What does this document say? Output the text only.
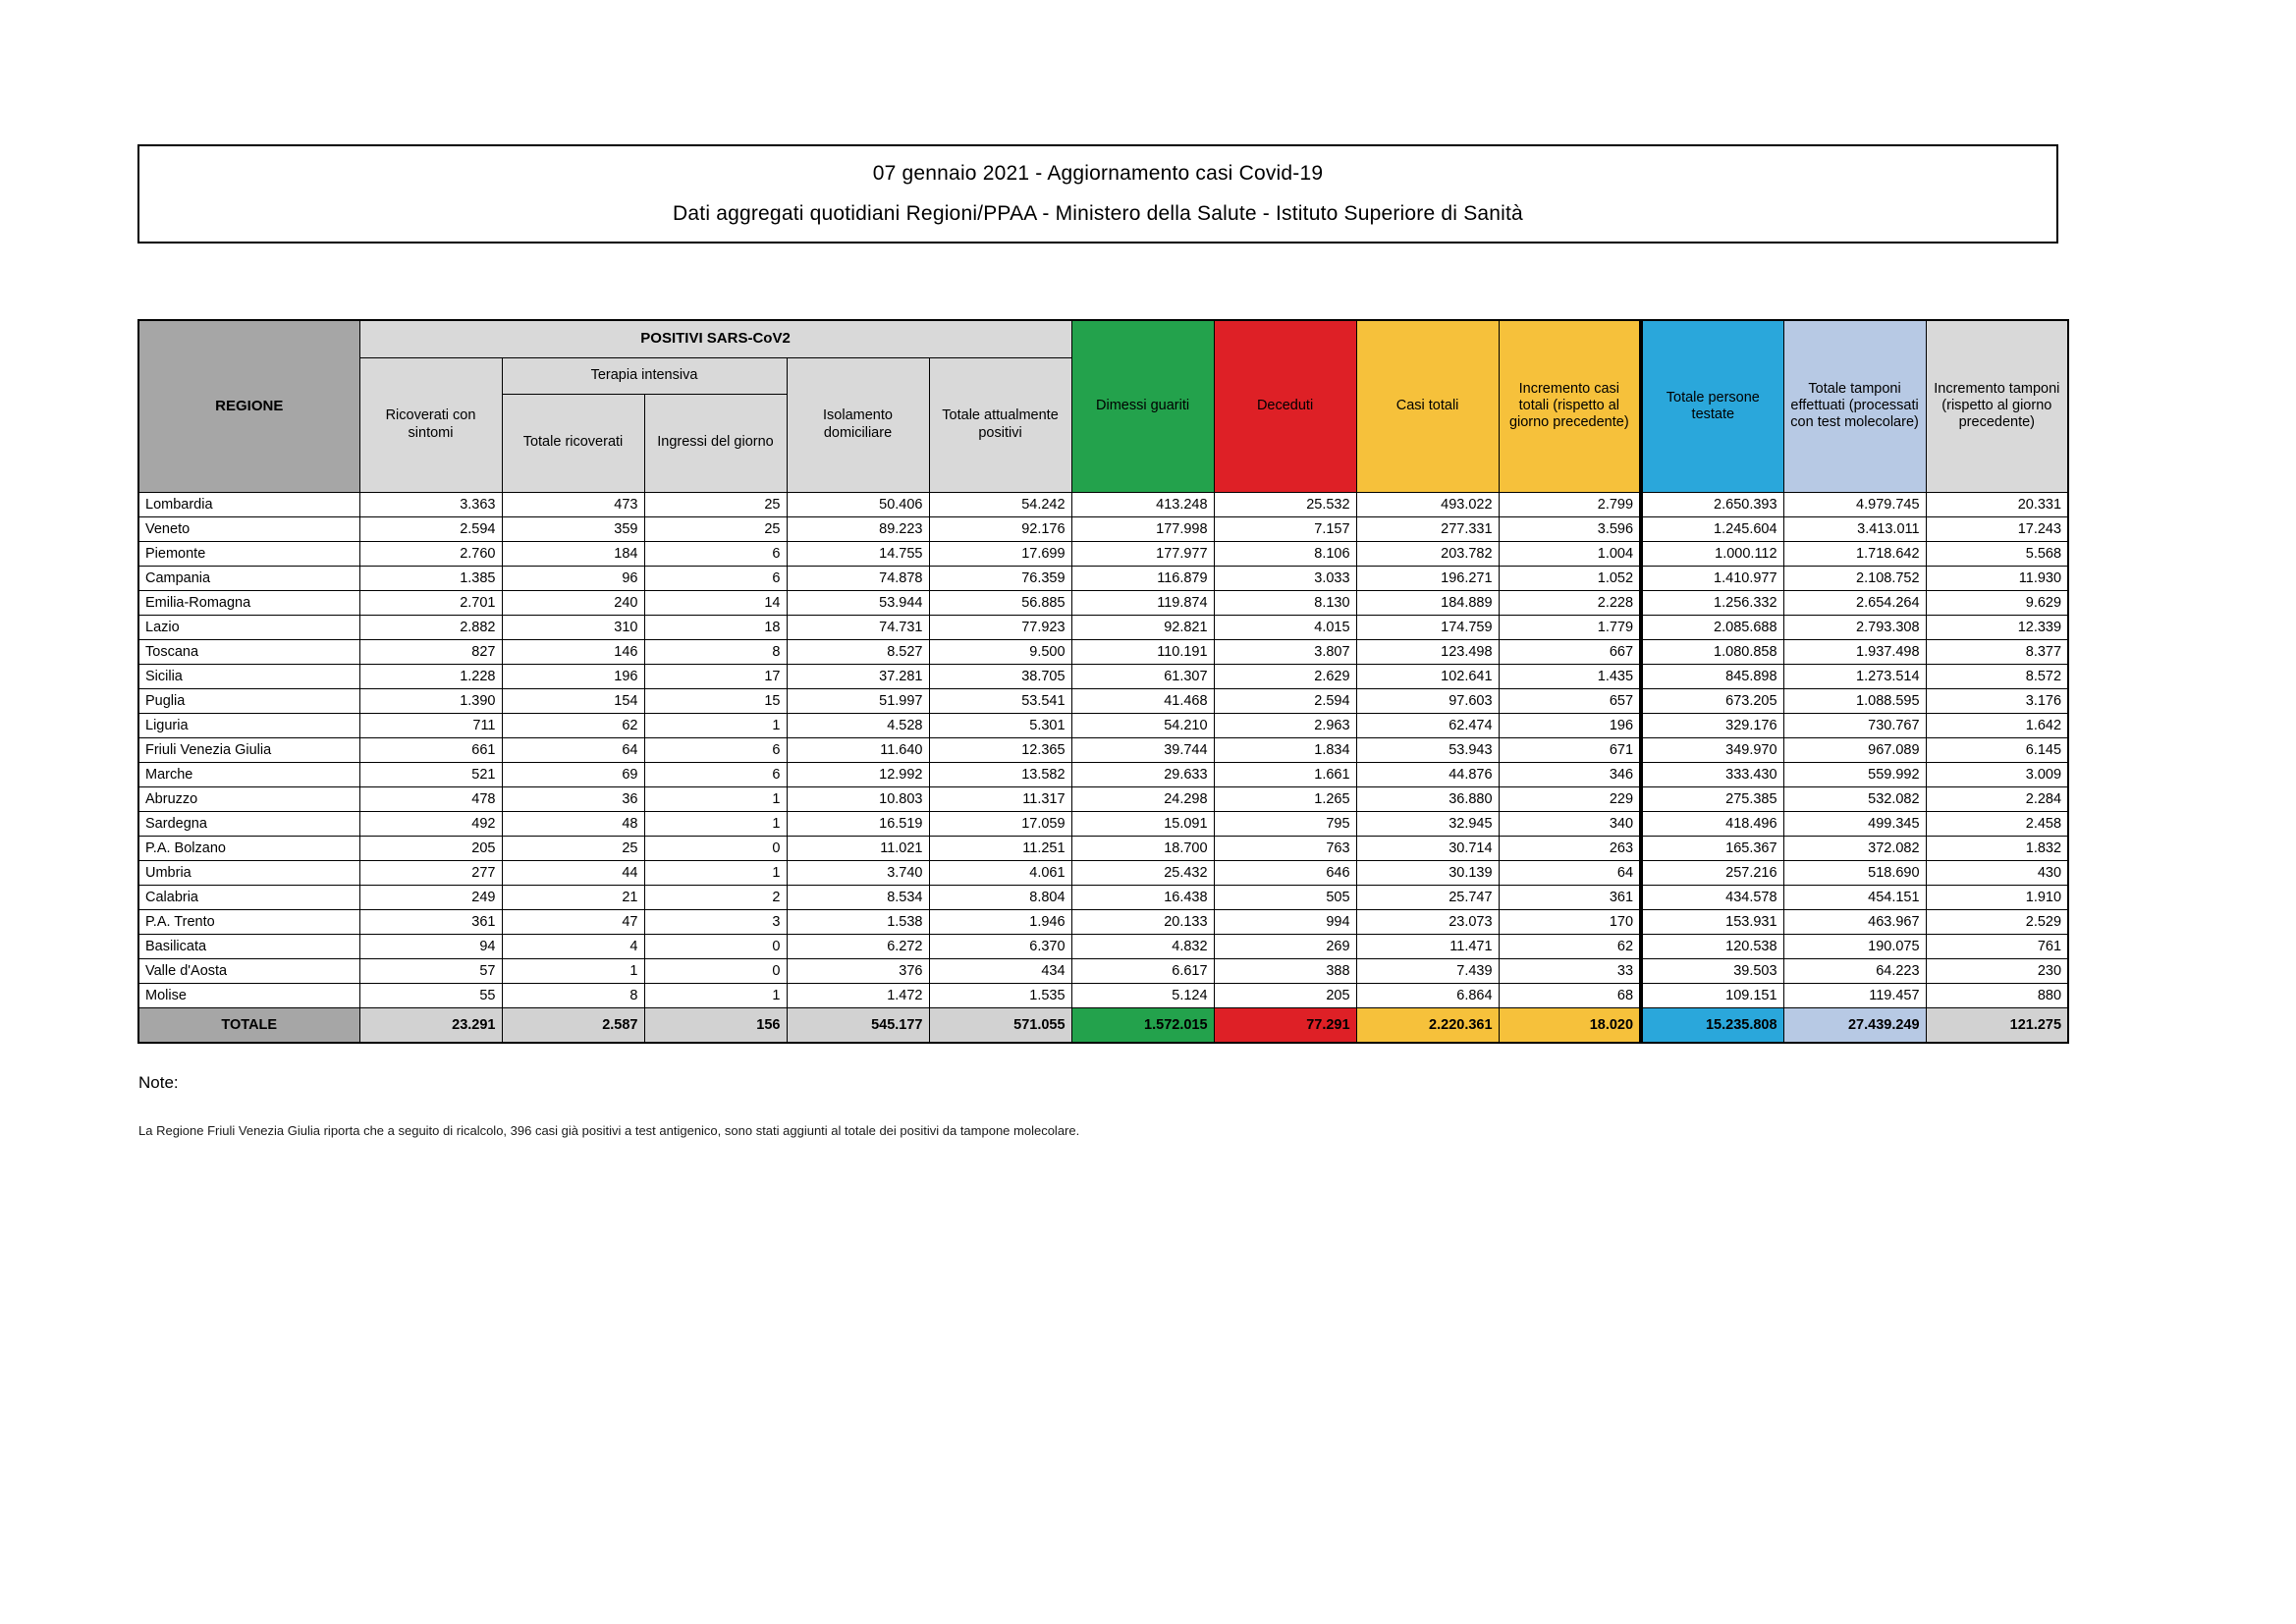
07 gennaio 2021 - Aggiornamento casi Covid-19
Dati aggregati quotidiani Regioni/PPAA - Ministero della Salute - Istituto Superiore di Sanità
REGIONE	POSITIVI SARS-CoV2					Dimessi guariti	Deceduti	Casi totali	Incremento casi totali (rispetto al giorno precedente)	Totale persone testate	Totale tamponi effettuati (processati con test molecolare)	Incremento tamponi (rispetto al giorno precedente)
	Ricoverati con sintomi	Terapia intensiva		Isolamento domiciliare	Totale attualmente positivi							
		Totale ricoverati	Ingressi del giorno									
Lombardia	3.363	473	25	50.406	54.242	413.248	25.532	493.022	2.799	2.650.393	4.979.745	20.331
Veneto	2.594	359	25	89.223	92.176	177.998	7.157	277.331	3.596	1.245.604	3.413.011	17.243
Piemonte	2.760	184	6	14.755	17.699	177.977	8.106	203.782	1.004	1.000.112	1.718.642	5.568
Campania	1.385	96	6	74.878	76.359	116.879	3.033	196.271	1.052	1.410.977	2.108.752	11.930
Emilia-Romagna	2.701	240	14	53.944	56.885	119.874	8.130	184.889	2.228	1.256.332	2.654.264	9.629
Lazio	2.882	310	18	74.731	77.923	92.821	4.015	174.759	1.779	2.085.688	2.793.308	12.339
Toscana	827	146	8	8.527	9.500	110.191	3.807	123.498	667	1.080.858	1.937.498	8.377
Sicilia	1.228	196	17	37.281	38.705	61.307	2.629	102.641	1.435	845.898	1.273.514	8.572
Puglia	1.390	154	15	51.997	53.541	41.468	2.594	97.603	657	673.205	1.088.595	3.176
Liguria	711	62	1	4.528	5.301	54.210	2.963	62.474	196	329.176	730.767	1.642
Friuli Venezia Giulia	661	64	6	11.640	12.365	39.744	1.834	53.943	671	349.970	967.089	6.145
Marche	521	69	6	12.992	13.582	29.633	1.661	44.876	346	333.430	559.992	3.009
Abruzzo	478	36	1	10.803	11.317	24.298	1.265	36.880	229	275.385	532.082	2.284
Sardegna	492	48	1	16.519	17.059	15.091	795	32.945	340	418.496	499.345	2.458
P.A. Bolzano	205	25	0	11.021	11.251	18.700	763	30.714	263	165.367	372.082	1.832
Umbria	277	44	1	3.740	4.061	25.432	646	30.139	64	257.216	518.690	430
Calabria	249	21	2	8.534	8.804	16.438	505	25.747	361	434.578	454.151	1.910
P.A. Trento	361	47	3	1.538	1.946	20.133	994	23.073	170	153.931	463.967	2.529
Basilicata	94	4	0	6.272	6.370	4.832	269	11.471	62	120.538	190.075	761
Valle d'Aosta	57	1	0	376	434	6.617	388	7.439	33	39.503	64.223	230
Molise	55	8	1	1.472	1.535	5.124	205	6.864	68	109.151	119.457	880
TOTALE	23.291	2.587	156	545.177	571.055	1.572.015	77.291	2.220.361	18.020	15.235.808	27.439.249	121.275
Note:
La Regione Friuli Venezia Giulia riporta che a seguito di ricalcolo, 396 casi già positivi a test antigenico, sono stati aggiunti al totale dei positivi da tampone molecolare.
